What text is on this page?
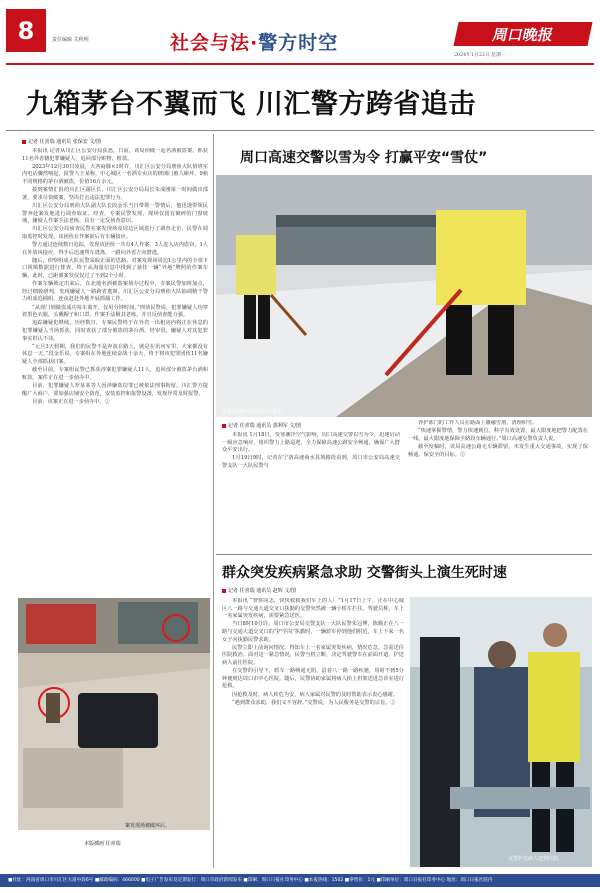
8	责任编辑 关秋明	社会与法·警方时空	周口晚报
2024年1月22日 星期一
九箱茅台不翼而飞 川汇警方跨省追击
记者 任喜瑞 通讯员 张保安 文/图

本报讯 记者从川汇区公安分局获悉，日前，该局侦破一起名酒被盗案，抓获11名外省籍犯罪嫌疑人，追回部分赃物、赃款。

2023年12月30日凌晨，大客商滕×1时许，川汇区公安分局刑侦大队值班室内电话骤然响起，报警人王某称，中心城区一名酒专卖店的玻璃门被人砸坏，9箱不同规格的茅台酒被盗，价值16万余元。

接到案情汇报的川汇区副区长、川汇区公安分局局长朱成刚第一时间做出部署，要求尽快破案，坚决打击违法犯罪行为。

川汇区公安分局刑侦大队副大队长段金乐当日带领一警情后，他迅速带领民警奔赴案发地进行调查取证。经查，专案民警发现，现场仅留有破碎的门窗玻璃，嫌疑人作案手法老练，具有一定反侦查意识。

川汇区公安分局侦查民警在案发现场及周边区域进行了调查走访，民警在调取监控时发现，该团伙在作案前后有车辆接应。

警方通过连续数日追踪，发现该团伙一共有4人作案，3人进入店内盗窃，1人在外放风接应，得手后迅速驾车逃离，一路向外省方向潜逃。

随后，侦察组成大队民警采取正面的思路，对案发现场周边1公里内的全部卡口视频数据进行排查，终于从海量信息中找到了悬挂一辆“外地”牌照的作案车辆。此时，已距离案发仅仅过了不到2个小时。

作案车辆锁定出来后，在北地名酒被盗案侦办过程中，专案民警加班加点，经过细致研判，发现嫌疑人一路跨省逃窜。川汇区公安分局刑侦大队抽调精干警力组成追捕组，连夜赶赴外地开展抓捕工作。

“从现门到做盗成功每车离开，仅用分钟时间。”刑侦民警说，犯罪嫌疑人均穿着黑色衣服，头戴帽子和口罩，作案手法极其老练，并且反侦查能力强。

追踪嫌疑犯继续，历经数日，专案民警终于在外省一出租房内将正在休息的犯罪嫌疑人当场抓获，同时查获了部分被盗的茅台酒。经审讯，嫌疑人对其犯罪事实供认不讳。

“元旦3天假期，我们的民警不是奔波在路上，就是在讯问室里，大家都没有休息一天。”段金乐说，专案组在外地连续奋战十余天，终于将该犯罪团伙11名嫌疑人全部抓获归案。

截至目前，专案组民警已抓获涉案犯罪嫌疑人11人，追回部分被盗茅台酒和赃款。案件正在进一步侦办中。

目前，犯罪嫌疑人罗某某等人因涉嫌盗窃罪已被依法刑事拘留。川汇警方提醒广大商户，要加强店铺安全防范，安装监控和报警设备，发现异常及时报警。

目前，该案正在进一步侦办中。②

案发现场被破坏后。
本版插画 任喜瑞
周口高速交警以雪为令 打赢平安“雪仗”
民警清理积雪除冰后行驶中。
记者 任喜瑞 通讯员 郭利军 文/图

本报讯 1月18日，受寒潮冷空气影响，周口高速交警以雪为令，迅速启动一级应急响应，组织警力上路巡逻，全力保障高速公路安全畅通，确保广大群众平安出行。

1月19日9时，记者在宁洛高速商水县境路段看到，周口市公安局高速交警支队一大队民警与

养护部门的工作人员在路面上撒融雪剂，清理积雪。

“快速掌握警情，警力快速到位，科学有效处置，最大限度地把警力配置在一线、最大限度地保障全路段车辆通行。”周口高速交警负责人说。

截至发稿时，该局高速公路无车辆滞留，未发生重大交通事故，实现了保畅通、保安全的目标。②

群众突发疾病紧急求助 交警街头上演生死时速
记者 任喜瑞 通讯员 赵辉 文/图

本报讯 “警察同志，快快救救我们车上的人！”1月17日上午，正在中心城区八一路与交通大道交叉口执勤的交警突然被一辆小轿车拦住。驾驶员称，车上一名家属突发疾病，需要紧急送医。

当日8时10分许，周口市公安局交警支队一大队民警朱冠博、陈腾正在八一路与交通大道交叉口的“护学岗”执勤时，一辆轿车停到他们附近，车上下来一名女子向执勤民警求助。

民警立即上前询问情况，得知车上一名家属突发疾病，情况危急，急需送往医院救治。面对这一紧急情况，民警当机立断，决定驾驶警车在前面开道，护送病人前往医院。

在交警的引导下，轿车一路畅通无阻，沿着八一路一路疾驰，用时不到5分钟便到达周口市中心医院。随后，民警协助家属将病人抬上担架送进急诊室进行抢救。

因抢救及时，病人转危为安，病人家属对民警的及时帮助表示衷心感谢。

“遇到群众求助，我们义不容辞。”交警说，为人民服务是交警的宗旨。②

交警护送病人送到医院。
■社址：河南省周口市川汇区大道中段6号 ■邮政编码：466000 ■电子广告发布及定期发行：周口市政府新闻发布 ■印刷：周口日报社印务中心 ■本报热线：1502 ■零售价：1元 ■印刷单位：周口日报社印务中心 地址：周口日报社院内
